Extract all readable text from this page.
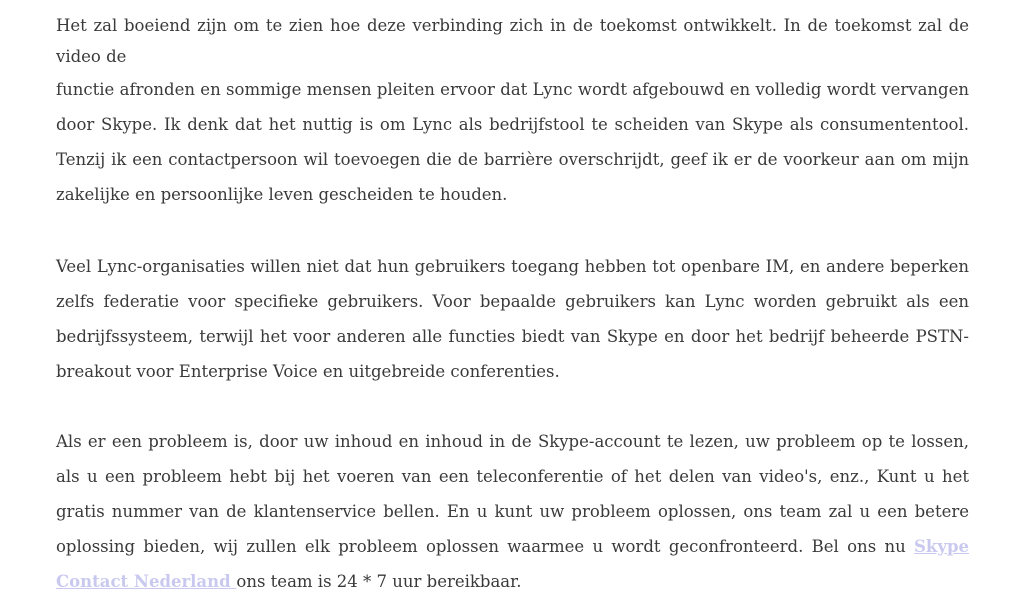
Het zal boeiend zijn om te zien hoe deze verbinding zich in de toekomst ontwikkelt. In de toekomst zal de video de
functie afronden en sommige mensen pleiten ervoor dat Lync wordt afgebouwd en volledig wordt vervangen door Skype. Ik denk dat het nuttig is om Lync als bedrijfstool te scheiden van Skype als consumententool. Tenzij ik een contactpersoon wil toevoegen die de barrière overschrijdt, geef ik er de voorkeur aan om mijn zakelijke en persoonlijke leven gescheiden te houden.

Veel Lync-organisaties willen niet dat hun gebruikers toegang hebben tot openbare IM, en andere beperken zelfs federatie voor specifieke gebruikers. Voor bepaalde gebruikers kan Lync worden gebruikt als een bedrijfssysteem, terwijl het voor anderen alle functies biedt van Skype en door het bedrijf beheerde PSTN-breakout voor Enterprise Voice en uitgebreide conferenties.

Als er een probleem is, door uw inhoud en inhoud in de Skype-account te lezen, uw probleem op te lossen, als u een probleem hebt bij het voeren van een teleconferentie of het delen van video's, enz., Kunt u het gratis nummer van de klantenservice bellen. En u kunt uw probleem oplossen, ons team zal u een betere oplossing bieden, wij zullen elk probleem oplossen waarmee u wordt geconfronteerd. Bel ons nu Skype Contact Nederland ons team is 24 * 7 uur bereikbaar.
